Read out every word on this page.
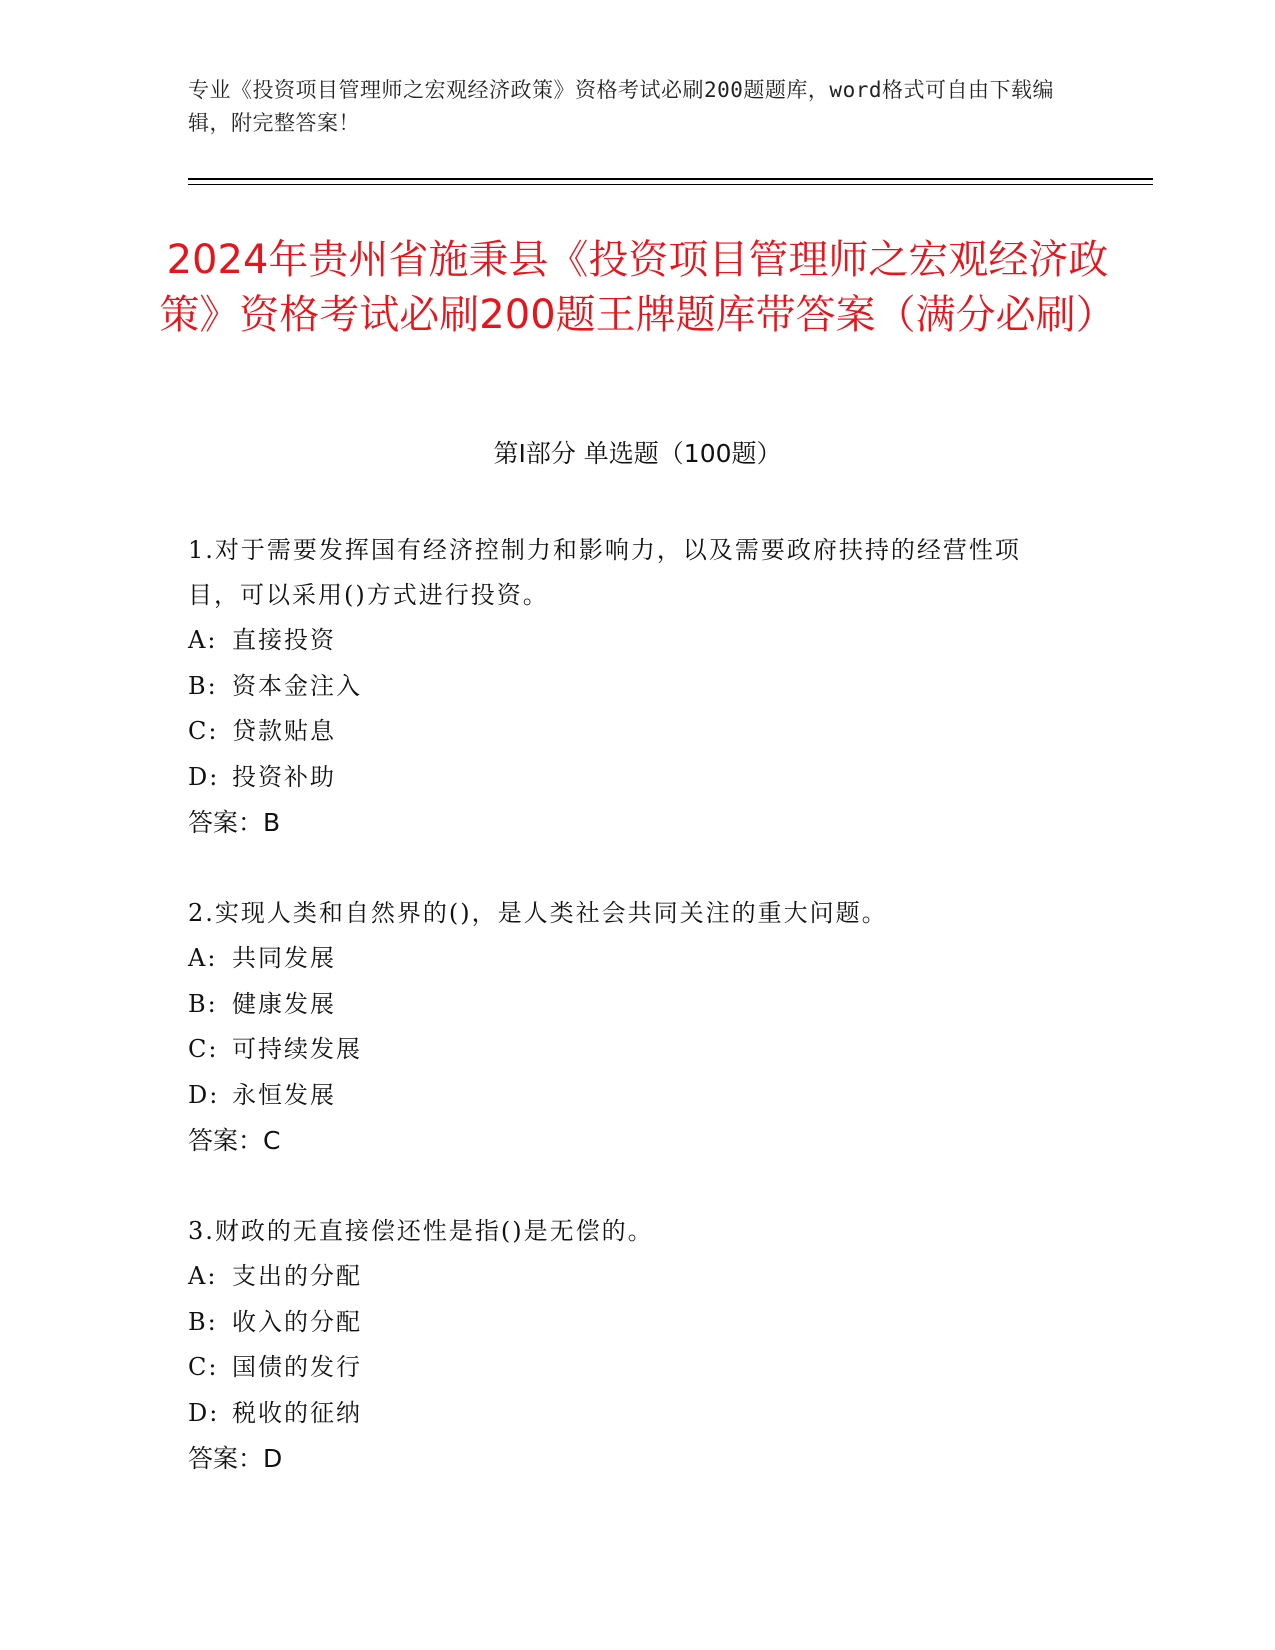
专业《投资项目管理师之宏观经济政策》资格考试必刷200题题库，word格式可自由下载编辑，附完整答案！
2024年贵州省施秉县《投资项目管理师之宏观经济政策》资格考试必刷200题王牌题库带答案（满分必刷）
第Ⅰ部分 单选题（100题）
1.对于需要发挥国有经济控制力和影响力，以及需要政府扶持的经营性项目，可以采用()方式进行投资。
A: 直接投资
B: 资本金注入
C: 贷款贴息
D: 投资补助
答案：B
2.实现人类和自然界的()，是人类社会共同关注的重大问题。
A: 共同发展
B: 健康发展
C: 可持续发展
D: 永恒发展
答案：C
3.财政的无直接偿还性是指()是无偿的。
A: 支出的分配
B: 收入的分配
C: 国债的发行
D: 税收的征纳
答案：D
